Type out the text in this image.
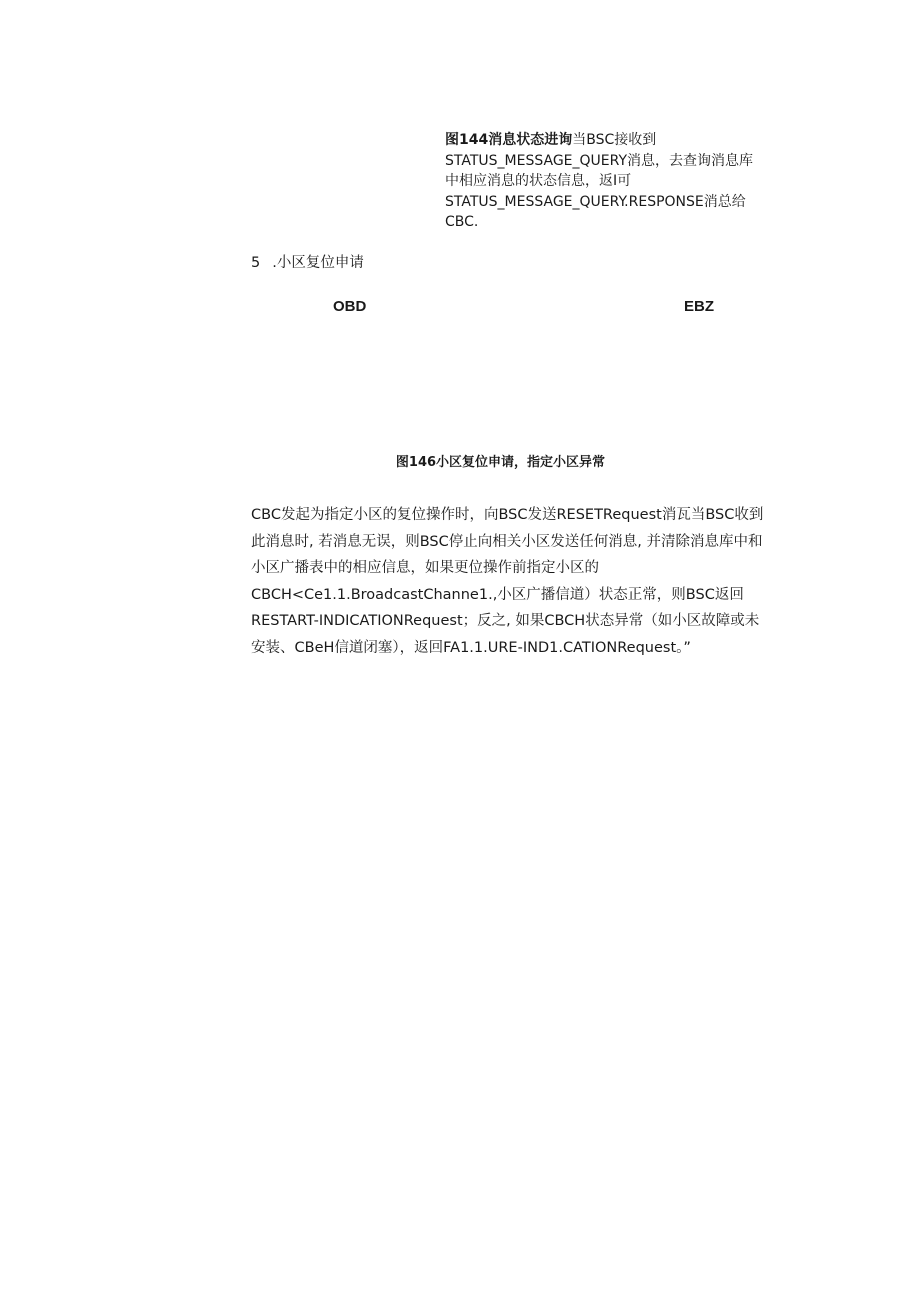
图144消息状态进询当BSC接收到
STATUS_MESSAGE_QUERY消息，去查询消息库
中相应消息的状态信息，返I可
STATUS_MESSAGE_QUERY.RESPONSE消总给
CBC.
5 .小区复位申请
OBD	EBZ
图146小区复位申请，指定小区异常
CBC发起为指定小区的复位操作时，向BSC发送RESETRequest消瓦当BSC收到
此消息时, 若消息无误，则BSC停止向相关小区发送任何消息, 并清除消息库中和
小区广播表中的相应信息，如果更位操作前指定小区的
CBCH<Ce1.1.BroadcastChanne1.,小区广播信道）状态正常，则BSC返回
RESTART-INDICATIONRequest；反之, 如果CBCH状态异常（如小区故障或未
安装、CBeH信道闭塞），返回FA1.1.URE-IND1.CATIONRequest。”
